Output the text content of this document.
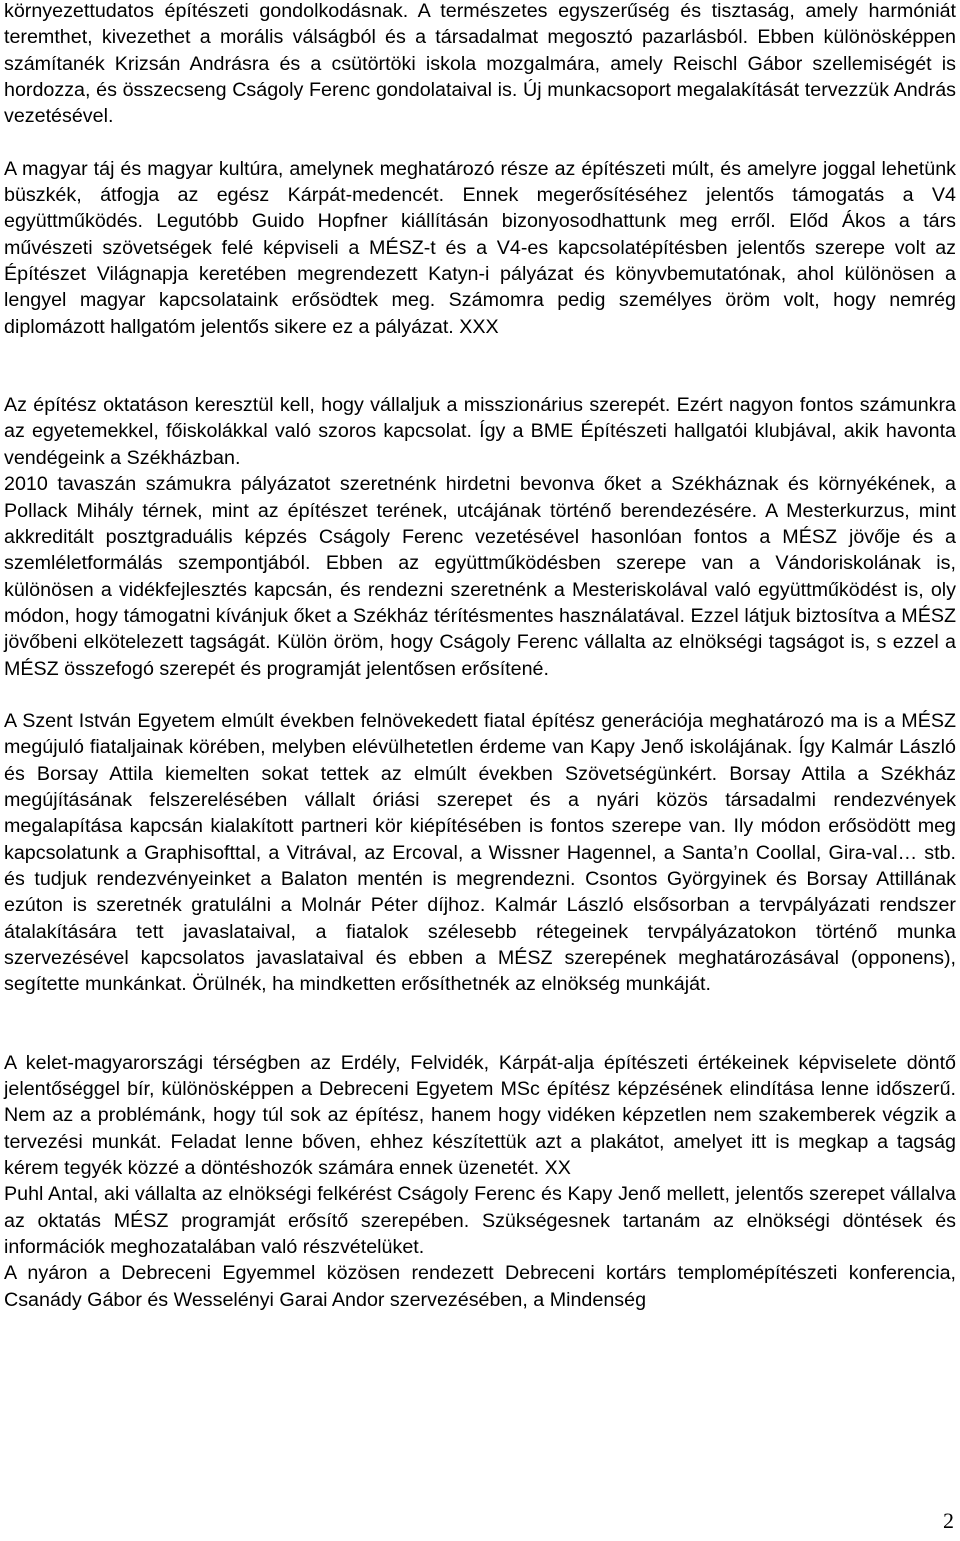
környezettudatos építészeti gondolkodásnak. A természetes egyszerűség és tisztaság, amely harmóniát teremthet, kivezethet a morális válságból és a társadalmat megosztó pazarlásból. Ebben különösképpen számítanék Krizsán Andrásra és a csütörtöki iskola mozgalmára, amely Reischl Gábor szellemiségét is hordozza, és összecseng Cságoly Ferenc gondolataival is. Új munkacsoport megalakítását tervezzük András vezetésével.

A magyar táj és magyar kultúra, amelynek meghatározó része az építészeti múlt, és amelyre joggal lehetünk büszkék, átfogja az egész Kárpát-medencét. Ennek megerősítéséhez jelentős támogatás a V4 együttműködés. Legutóbb Guido Hopfner kiállításán bizonyosodhattunk meg erről. Előd Ákos a társ művészeti szövetségek felé képviseli a MÉSZ-t és a V4-es kapcsolatépítésben jelentős szerepe volt az Építészet Világnapja keretében megrendezett Katyn-i pályázat és könyvbemutatónak, ahol különösen a lengyel magyar kapcsolataink erősödtek meg. Számomra pedig személyes öröm volt, hogy nemrég diplomázott hallgatóm jelentős sikere ez a pályázat. XXX

Az építész oktatáson keresztül kell, hogy vállaljuk a misszionárius szerepét. Ezért nagyon fontos számunkra az egyetemekkel, főiskolákkal való szoros kapcsolat. Így a BME Építészeti hallgatói klubjával, akik havonta vendégeink a Székházban.

2010 tavaszán számukra pályázatot szeretnénk hirdetni bevonva őket a Székháznak és környékének, a Pollack Mihály térnek, mint az építészet terének, utcájának történő berendezésére. A Mesterkurzus, mint akkreditált posztgraduális képzés Cságoly Ferenc vezetésével hasonlóan fontos a MÉSZ jövője és a szemléletformálás szempontjából. Ebben az együttműködésben szerepe van a Vándoriskolának is, különösen a vidékfejlesztés kapcsán, és rendezni szeretnénk a Mesteriskolával való együttműködést is, oly módon, hogy támogatni kívánjuk őket a Székház térítésmentes használatával. Ezzel látjuk biztosítva a MÉSZ jövőbeni elkötelezett tagságát. Külön öröm, hogy Cságoly Ferenc vállalta az elnökségi tagságot is, s ezzel a MÉSZ összefogó szerepét és programját jelentősen erősítené.

A Szent István Egyetem elmúlt években felnövekedett fiatal építész generációja meghatározó ma is a MÉSZ megújuló fiataljainak körében, melyben elévülhetetlen érdeme van Kapy Jenő iskolájának. Így Kalmár László és Borsay Attila kiemelten sokat tettek az elmúlt években Szövetségünkért. Borsay Attila a Székház megújításának felszerelésében vállalt óriási szerepet és a nyári közös társadalmi rendezvények megalapítása kapcsán kialakított partneri kör kiépítésében is fontos szerepe van. Ily módon erősödött meg kapcsolatunk a Graphisofttal, a Vitrával, az Ercoval, a Wissner Hagennel, a Santa’n Coollal, Gira-val… stb. és tudjuk rendezvényeinket a Balaton mentén is megrendezni. Csontos Györgyinek és Borsay Attillának ezúton is szeretnék gratulálni a Molnár Péter díjhoz. Kalmár László elsősorban a tervpályázati rendszer átalakítására tett javaslataival, a fiatalok szélesebb rétegeinek tervpályázatokon történő munka szervezésével kapcsolatos javaslataival és ebben a MÉSZ szerepének meghatározásával (opponens), segítette munkánkat. Örülnék, ha mindketten erősíthetnék az elnökség munkáját.

A kelet-magyarországi térségben az Erdély, Felvidék, Kárpát-alja építészeti értékeinek képviselete döntő jelentőséggel bír, különösképpen a Debreceni Egyetem MSc építész képzésének elindítása lenne időszerű. Nem az a problémánk, hogy túl sok az építész, hanem hogy vidéken képzetlen nem szakemberek végzik a tervezési munkát. Feladat lenne bőven, ehhez készítettük azt a plakátot, amelyet itt is megkap a tagság kérem tegyék közzé a döntéshozók számára ennek üzenetét. XX

Puhl Antal, aki vállalta az elnökségi felkérést Cságoly Ferenc és Kapy Jenő mellett, jelentős szerepet vállalva az oktatás MÉSZ programját erősítő szerepében. Szükségesnek tartanám az elnökségi döntések és információk meghozatalában való részvételüket.

A nyáron a Debreceni Egyemmel közösen rendezett Debreceni kortárs templomépítészeti konferencia, Csanády Gábor és Wesselényi Garai Andor szervezésében, a Mindenség

2
